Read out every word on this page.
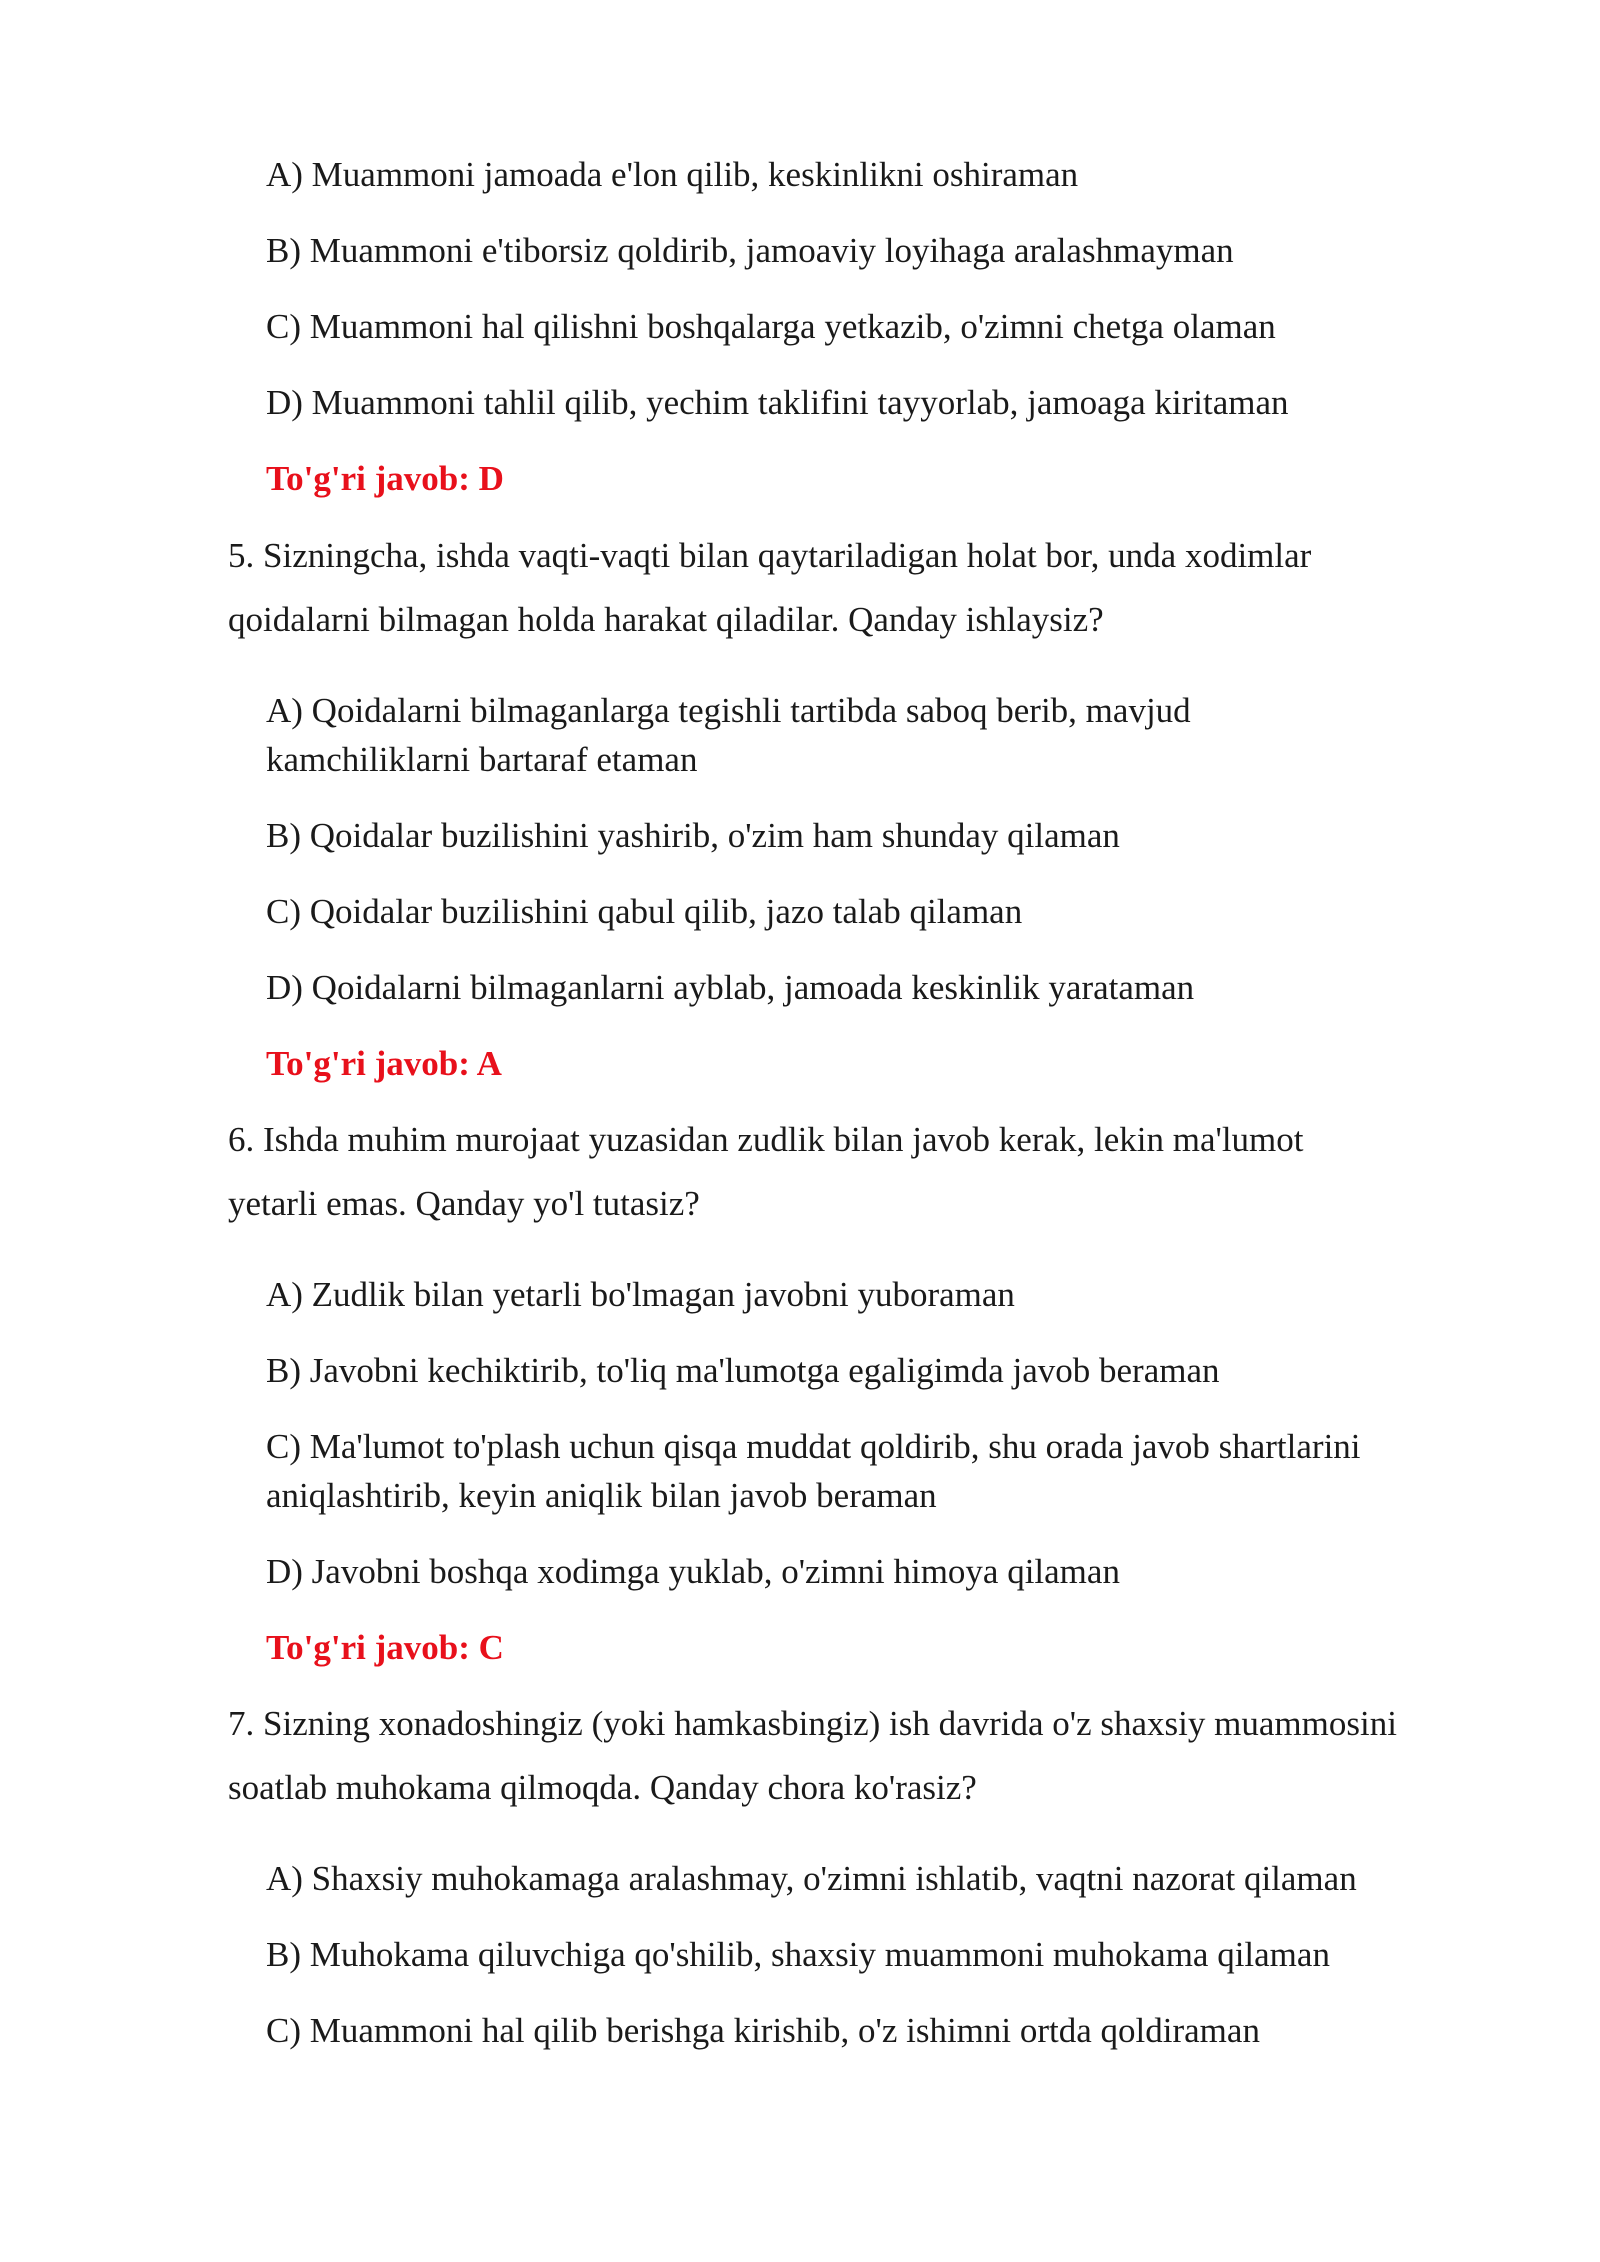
A) Muammoni jamoada e'lon qilib, keskinlikni oshiraman
B) Muammoni e'tiborsiz qoldirib, jamoaviy loyihaga aralashmayman
C) Muammoni hal qilishni boshqalarga yetkazib, o'zimni chetga olaman
D) Muammoni tahlil qilib, yechim taklifini tayyorlab, jamoaga kiritaman
To'g'ri javob: D
5. Sizningcha, ishda vaqti-vaqti bilan qaytariladigan holat bor, unda xodimlar
qoidalarni bilmagan holda harakat qiladilar. Qanday ishlaysiz?
A) Qoidalarni bilmaganlarga tegishli tartibda saboq berib, mavjud
kamchiliklarni bartaraf etaman
B) Qoidalar buzilishini yashirib, o'zim ham shunday qilaman
C) Qoidalar buzilishini qabul qilib, jazo talab qilaman
D) Qoidalarni bilmaganlarni ayblab, jamoada keskinlik yarataman
To'g'ri javob: A
6. Ishda muhim murojaat yuzasidan zudlik bilan javob kerak, lekin ma'lumot
yetarli emas. Qanday yo'l tutasiz?
A) Zudlik bilan yetarli bo'lmagan javobni yuboraman
B) Javobni kechiktirib, to'liq ma'lumotga egaligimda javob beraman
C) Ma'lumot to'plash uchun qisqa muddat qoldirib, shu orada javob shartlarini
aniqlashtirib, keyin aniqlik bilan javob beraman
D) Javobni boshqa xodimga yuklab, o'zimni himoya qilaman
To'g'ri javob: C
7. Sizning xonadoshingiz (yoki hamkasbingiz) ish davrida o'z shaxsiy muammosini
soatlab muhokama qilmoqda. Qanday chora ko'rasiz?
A) Shaxsiy muhokamaga aralashmay, o'zimni ishlatib, vaqtni nazorat qilaman
B) Muhokama qiluvchiga qo'shilib, shaxsiy muammoni muhokama qilaman
C) Muammoni hal qilib berishga kirishib, o'z ishimni ortda qoldiraman
